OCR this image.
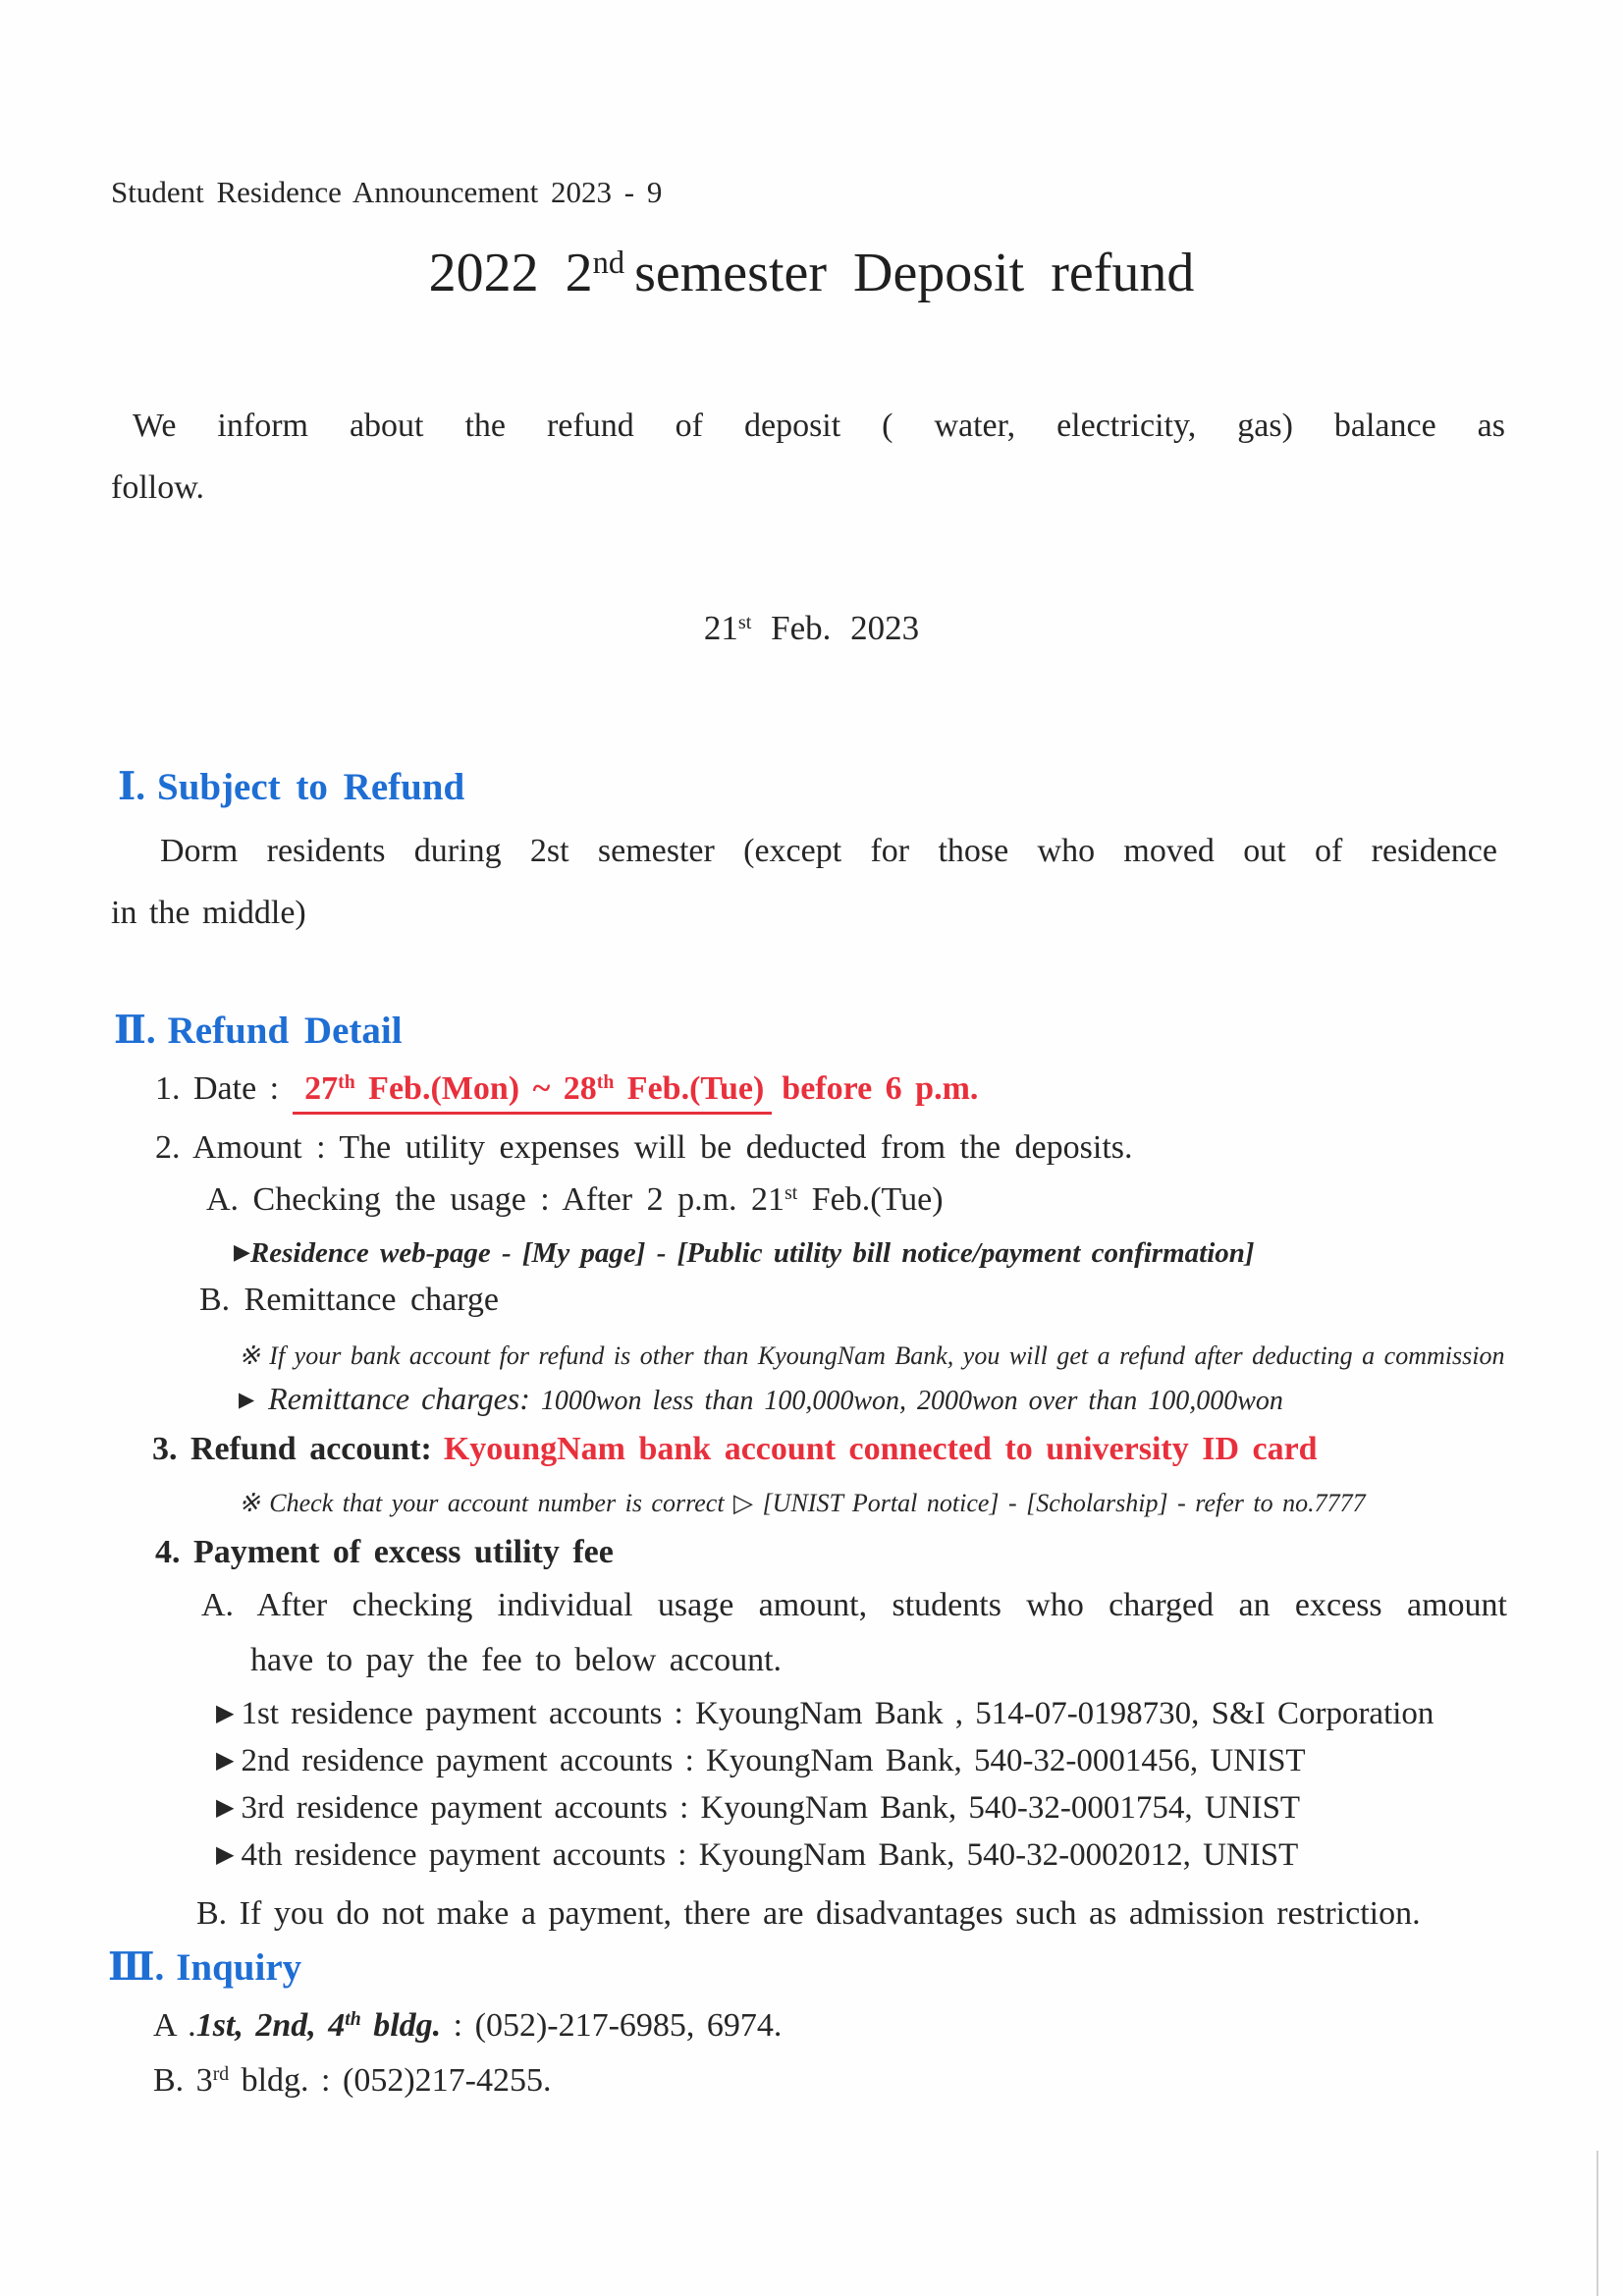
Student Residence Announcement 2023 - 9
2022 2nd semester Deposit refund
We inform about the refund of deposit ( water, electricity, gas) balance as
follow.
21st Feb. 2023
Ⅰ. Subject to Refund
Dorm residents during 2st semester (except for those who moved out of residence
in the middle)
Ⅱ. Refund Detail
1. Date : 27th Feb.(Mon) ~ 28th Feb.(Tue) before 6 p.m.
2. Amount : The utility expenses will be deducted from the deposits.
A. Checking the usage : After 2 p.m. 21st Feb.(Tue)
▶Residence web-page - [My page] - [Public utility bill notice/payment confirmation]
B. Remittance charge
※ If your bank account for refund is other than KyoungNam Bank, you will get a refund after deducting a commission
▶ Remittance charges: 1000won less than 100,000won, 2000won over than 100,000won
3. Refund account: KyoungNam bank account connected to university ID card
※ Check that your account number is correct ▷ [UNIST Portal notice] - [Scholarship] - refer to no.7777
4. Payment of excess utility fee
A. After checking individual usage amount, students who charged an excess amount
have to pay the fee to below account.
▶ 1st residence payment accounts : KyoungNam Bank , 514-07-0198730, S&I Corporation
▶ 2nd residence payment accounts : KyoungNam Bank, 540-32-0001456, UNIST
▶ 3rd residence payment accounts : KyoungNam Bank, 540-32-0001754, UNIST
▶ 4th residence payment accounts : KyoungNam Bank, 540-32-0002012, UNIST
B. If you do not make a payment, there are disadvantages such as admission restriction.
Ⅲ. Inquiry
A .1st, 2nd, 4th bldg. : (052)-217-6985, 6974.
B. 3rd bldg. : (052)217-4255.
